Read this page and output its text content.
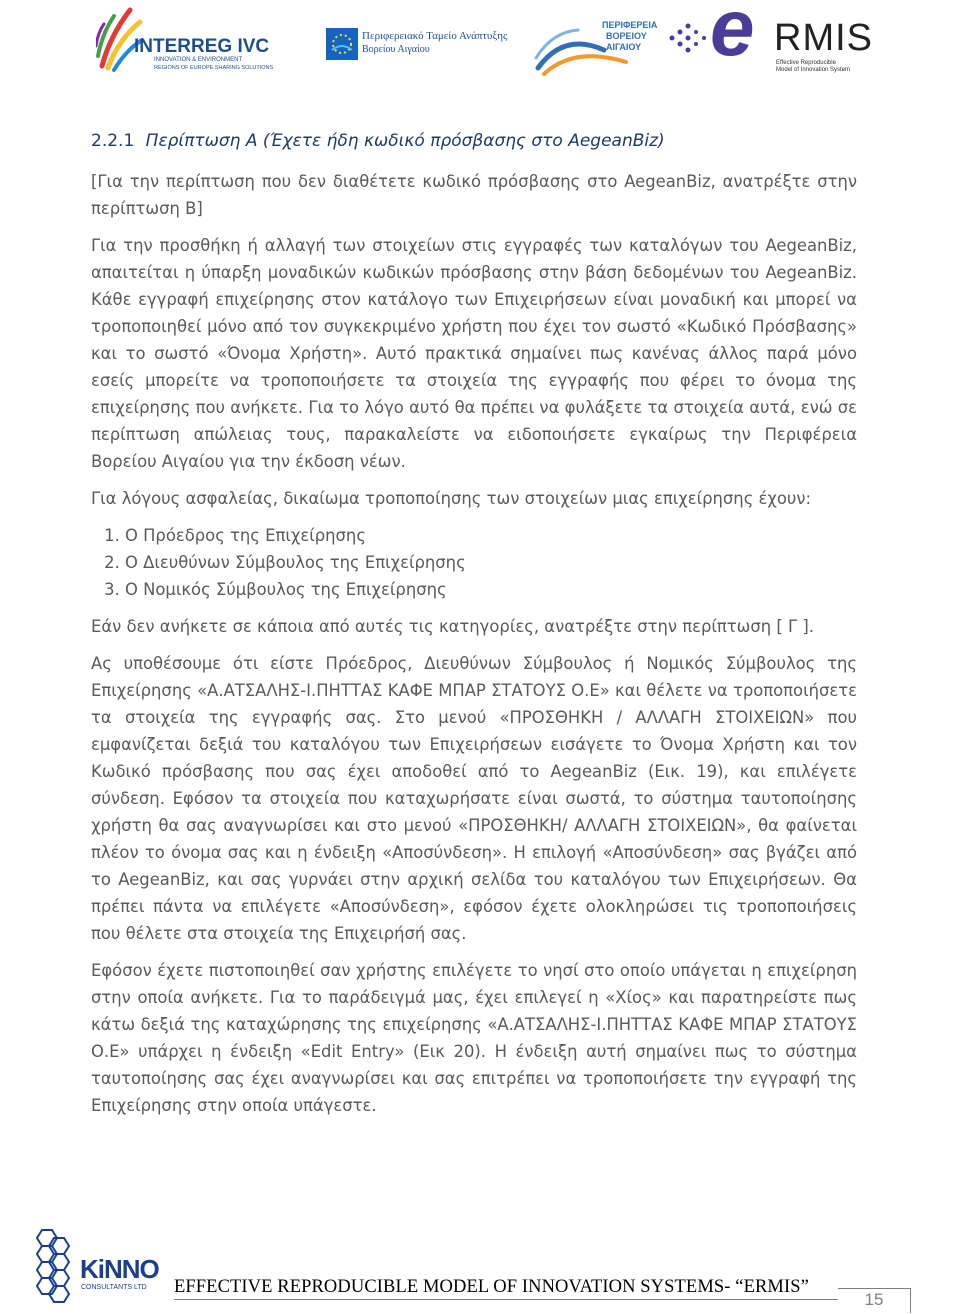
INTERREG IVC
INNOVATION & ENVIRONMENT
REGIONS OF EUROPE SHARING SOLUTIONS
Περιφερειακό Ταμείο Ανάπτυξης
Βορείου Αιγαίου
ΠΕΡΙΦΕΡΕΙΑ
ΒΟΡΕΙΟΥ
ΑΙΓΑΙΟΥ e RMIS
Effective Reproducible
Model of Innovation System
2.2.1 Περίπτωση Α (Έχετε ήδη κωδικό πρόσβασης στο AegeanBiz)

[Για την περίπτωση που δεν διαθέτετε κωδικό πρόσβασης στο AegeanBiz, ανατρέξτε στην περίπτωση Β]

Για την προσθήκη ή αλλαγή των στοιχείων στις εγγραφές των καταλόγων του AegeanBiz, απαιτείται η ύπαρξη μοναδικών κωδικών πρόσβασης στην βάση δεδομένων του AegeanBiz. Κάθε εγγραφή επιχείρησης στον κατάλογο των Επιχειρήσεων είναι μοναδική και μπορεί να τροποποιηθεί μόνο από τον συγκεκριμένο χρήστη που έχει τον σωστό «Κωδικό Πρόσβασης» και το σωστό «Όνομα Χρήστη». Αυτό πρακτικά σημαίνει πως κανένας άλλος παρά μόνο εσείς μπορείτε να τροποποιήσετε τα στοιχεία της εγγραφής που φέρει το όνομα της επιχείρησης που ανήκετε. Για το λόγο αυτό θα πρέπει να φυλάξετε τα στοιχεία αυτά, ενώ σε περίπτωση απώλειας τους, παρακαλείστε να ειδοποιήσετε εγκαίρως την Περιφέρεια Βορείου Αιγαίου για την έκδοση νέων.

Για λόγους ασφαλείας, δικαίωμα τροποποίησης των στοιχείων μιας επιχείρησης έχουν:

1. Ο Πρόεδρος της Επιχείρησης
2. Ο Διευθύνων Σύμβουλος της Επιχείρησης
3. Ο Νομικός Σύμβουλος της Επιχείρησης

Εάν δεν ανήκετε σε κάποια από αυτές τις κατηγορίες, ανατρέξτε στην περίπτωση [ Γ ].

Ας υποθέσουμε ότι είστε Πρόεδρος, Διευθύνων Σύμβουλος ή Νομικός Σύμβουλος της Επιχείρησης «Α.ΑΤΣΑΛΗΣ-Ι.ΠΗΤΤΑΣ ΚΑΦΕ ΜΠΑΡ ΣΤΑΤΟΥΣ Ο.Ε» και θέλετε να τροποποιήσετε τα στοιχεία της εγγραφής σας. Στο μενού «ΠΡΟΣΘΗΚΗ / ΑΛΛΑΓΗ ΣΤΟΙΧΕΙΩΝ» που εμφανίζεται δεξιά του καταλόγου των Επιχειρήσεων εισάγετε το Όνομα Χρήστη και τον Κωδικό πρόσβασης που σας έχει αποδοθεί από το AegeanBiz (Εικ. 19), και επιλέγετε σύνδεση. Εφόσον τα στοιχεία που καταχωρήσατε είναι σωστά, το σύστημα ταυτοποίησης χρήστη θα σας αναγνωρίσει και στο μενού «ΠΡΟΣΘΗΚΗ/ ΑΛΛΑΓΗ ΣΤΟΙΧΕΙΩΝ», θα φαίνεται πλέον το όνομα σας και η ένδειξη «Αποσύνδεση». Η επιλογή «Αποσύνδεση» σας βγάζει από το AegeanBiz, και σας γυρνάει στην αρχική σελίδα του καταλόγου των Επιχειρήσεων. Θα πρέπει πάντα να επιλέγετε «Αποσύνδεση», εφόσον έχετε ολοκληρώσει τις τροποποιήσεις που θέλετε στα στοιχεία της Επιχειρήσή σας.

Εφόσον έχετε πιστοποιηθεί σαν χρήστης επιλέγετε το νησί στο οποίο υπάγεται η επιχείρηση στην οποία ανήκετε. Για το παράδειγμά μας, έχει επιλεγεί η «Χίος» και παρατηρείστε πως κάτω δεξιά της καταχώρησης της επιχείρησης «Α.ΑΤΣΑΛΗΣ-Ι.ΠΗΤΤΑΣ ΚΑΦΕ ΜΠΑΡ ΣΤΑΤΟΥΣ Ο.Ε» υπάρχει η ένδειξη «Edit Entry» (Εικ 20). Η ένδειξη αυτή σημαίνει πως το σύστημα ταυτοποίησης σας έχει αναγνωρίσει και σας επιτρέπει να τροποποιήσετε την εγγραφή της Επιχείρησης στην οποία υπάγεστε.

KiNNO
CONSULTANTS LTD EFFECTIVE REPRODUCIBLE MODEL OF INNOVATION SYSTEMS- “ERMIS”
15
